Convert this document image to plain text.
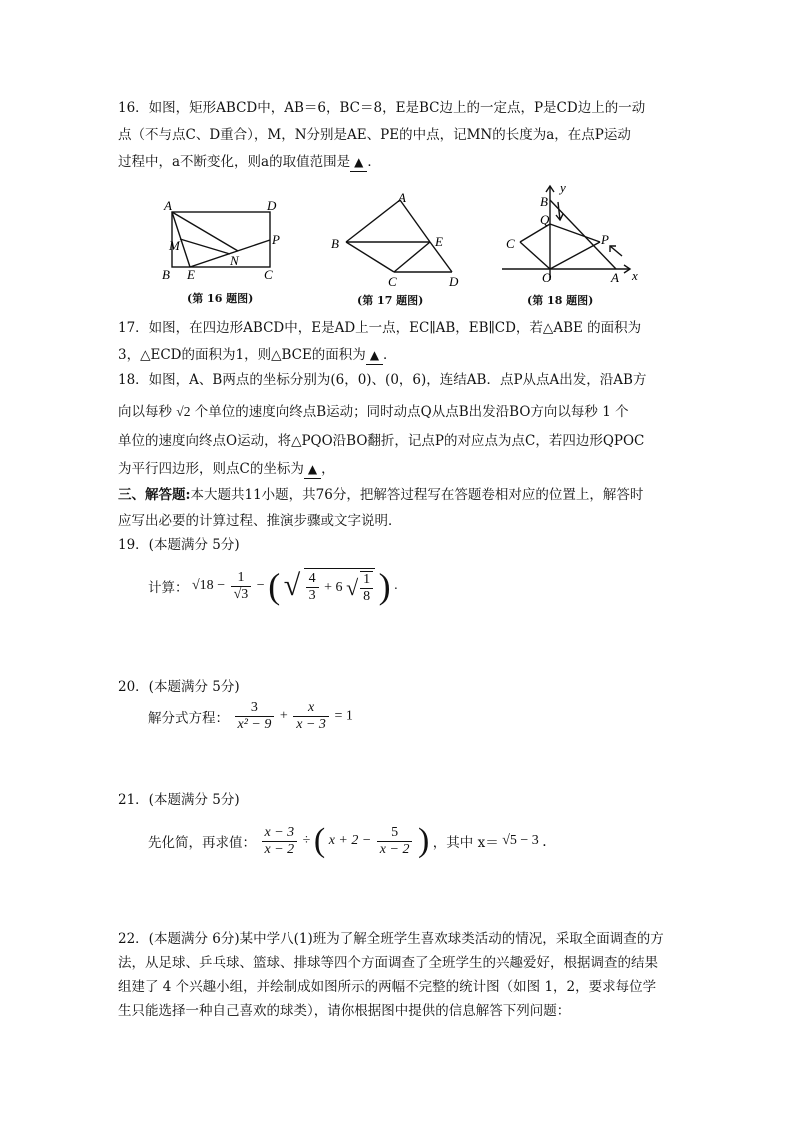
16．如图，矩形ABCD中，AB＝6，BC＝8，E是BC边上的一定点，P是CD边上的一动
点（不与点C、D重合），M，N分别是AE、PE的中点，记MN的长度为a，在点P运动
过程中，a不断变化，则a的取值范围是 ▲ ．
A	D
M	P
B E
N
C
(第 16 题图)
A
B	E
C	D
(第 17 题图)
y
B
Q
C	P
O	A x
(第 18 题图)
17．如图，在四边形ABCD中，E是AD上一点，EC∥AB，EB∥CD，若△ABE 的面积为
3，△ECD的面积为1，则△BCE的面积为 ▲ ．
18．如图，A、B两点的坐标分别为(6，0)、(0，6)，连结AB．点P从点A出发，沿AB方
向以每秒 √2 个单位的速度向终点B运动；同时动点Q从点B出发沿BO方向以每秒 1 个
单位的速度向终点O运动，将△PQO沿BO翻折，记点P的对应点为点C，若四边形QPOC
为平行四边形，则点C的坐标为 ▲ ，
三、解答题:本大题共11小题，共76分，把解答过程写在答题卷相对应的位置上，解答时
应写出必要的计算过程、推演步骤或文字说明．
19．(本题满分 5分)
计算： $√18 - \frac{1}{√3}$ − ( √ $\frac{4}{3} + 6$ √ $\frac{1}{8}$ ) .
20．(本题满分 5分)
解分式方程： $\frac{3}{\text{x² − 9}} + \frac{x}{x - 3} = 1$
21．(本题满分 5分)
先化简，再求值： $\frac{x - 3}{x - 2}$ ÷ ( $x + 2 - \frac{5}{x - 2}$ ) ，其中 x＝ √5 − 3 ．
22．(本题满分 6分)某中学八(1)班为了解全班学生喜欢球类活动的情况，采取全面调查的方
法，从足球、乒乓球、篮球、排球等四个方面调查了全班学生的兴趣爱好，根据调查的结果
组建了 4 个兴趣小组，并绘制成如图所示的两幅不完整的统计图（如图 1，2，要求每位学
生只能选择一种自己喜欢的球类），请你根据图中提供的信息解答下列问题：
